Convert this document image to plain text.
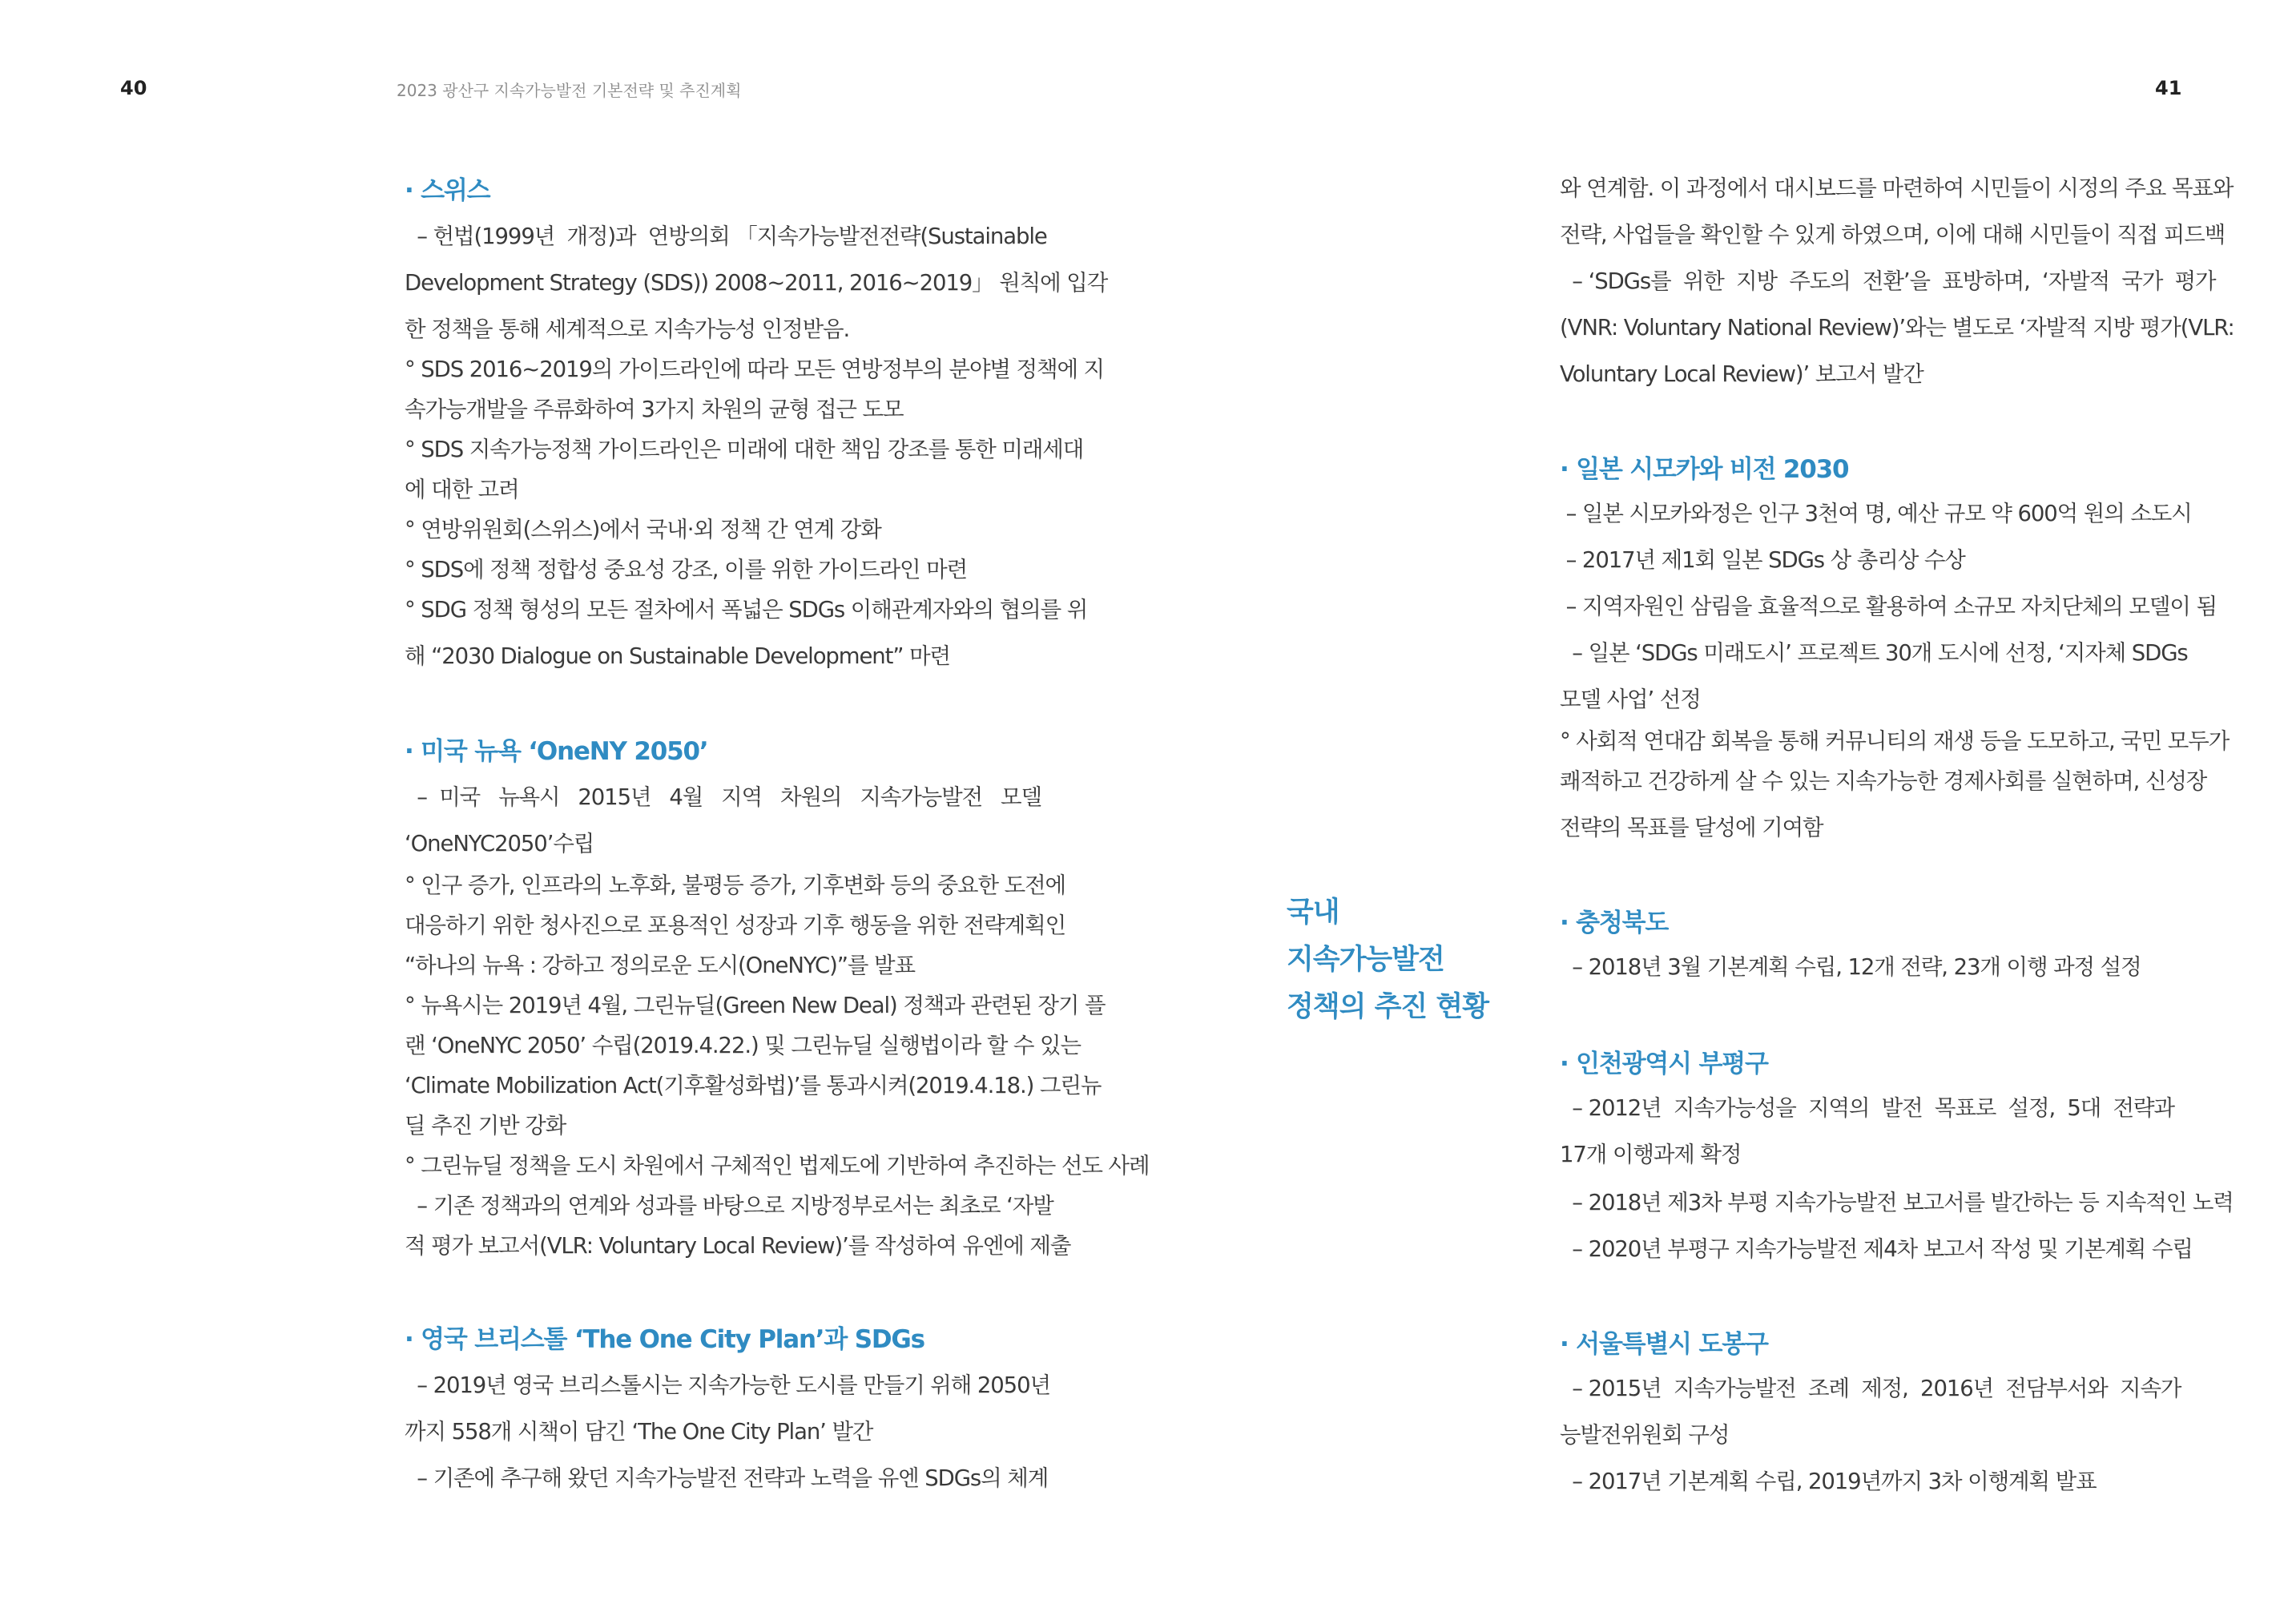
40	2023 광산구 지속가능발전 기본전략 및 추진계획	41
· 스위스
– 헌법(1999년  개정)과  연방의회 「지속가능발전전략(Sustainable
Development Strategy (SDS)) 2008~2011, 2016~2019」 원칙에 입각
한 정책을 통해 세계적으로 지속가능성 인정받음.
° SDS 2016~2019의 가이드라인에 따라 모든 연방정부의 분야별 정책에 지
속가능개발을 주류화하여 3가지 차원의 균형 접근 도모
° SDS 지속가능정책 가이드라인은 미래에 대한 책임 강조를 통한 미래세대
에 대한 고려
° 연방위원회(스위스)에서 국내·외 정책 간 연계 강화
° SDS에 정책 정합성 중요성 강조, 이를 위한 가이드라인 마련
° SDG 정책 형성의 모든 절차에서 폭넓은 SDGs 이해관계자와의 협의를 위
해 “2030 Dialogue on Sustainable Development” 마련
· 미국 뉴욕 ‘OneNY 2050’
–  미국   뉴욕시   2015년   4월   지역   차원의   지속가능발전   모델
‘OneNYC2050’수립
° 인구 증가, 인프라의 노후화, 불평등 증가, 기후변화 등의 중요한 도전에
대응하기 위한 청사진으로 포용적인 성장과 기후 행동을 위한 전략계획인
“하나의 뉴욕 : 강하고 정의로운 도시(OneNYC)”를 발표
° 뉴욕시는 2019년 4월, 그린뉴딜(Green New Deal) 정책과 관련된 장기 플
랜 ‘OneNYC 2050’ 수립(2019.4.22.) 및 그린뉴딜 실행법이라 할 수 있는
‘Climate Mobilization Act(기후활성화법)’를 통과시켜(2019.4.18.) 그린뉴
딜 추진 기반 강화
° 그린뉴딜 정책을 도시 차원에서 구체적인 법제도에 기반하여 추진하는 선도 사례
– 기존 정책과의 연계와 성과를 바탕으로 지방정부로서는 최초로 ‘자발
적 평가 보고서(VLR: Voluntary Local Review)’를 작성하여 유엔에 제출
· 영국 브리스톨 ‘The One City Plan’과 SDGs
– 2019년 영국 브리스톨시는 지속가능한 도시를 만들기 위해 2050년
까지 558개 시책이 담긴 ‘The One City Plan’ 발간
– 기존에 추구해 왔던 지속가능발전 전략과 노력을 유엔 SDGs의 체계
와 연계함. 이 과정에서 대시보드를 마련하여 시민들이 시정의 주요 목표와
전략, 사업들을 확인할 수 있게 하였으며, 이에 대해 시민들이 직접 피드백
– ‘SDGs를  위한  지방  주도의  전환’을  표방하며,  ‘자발적  국가  평가
(VNR: Voluntary National Review)’와는 별도로 ‘자발적 지방 평가(VLR:
Voluntary Local Review)’ 보고서 발간
· 일본 시모카와 비전 2030
– 일본 시모카와정은 인구 3천여 명, 예산 규모 약 600억 원의 소도시
– 2017년 제1회 일본 SDGs 상 총리상 수상
– 지역자원인 삼림을 효율적으로 활용하여 소규모 자치단체의 모델이 됨
– 일본 ‘SDGs 미래도시’ 프로젝트 30개 도시에 선정, ‘지자체 SDGs
모델 사업’ 선정
° 사회적 연대감 회복을 통해 커뮤니티의 재생 등을 도모하고, 국민 모두가
쾌적하고 건강하게 살 수 있는 지속가능한 경제사회를 실현하며, 신성장
전략의 목표를 달성에 기여함
· 충청북도
– 2018년 3월 기본계획 수립, 12개 전략, 23개 이행 과정 설정
· 인천광역시 부평구
– 2012년  지속가능성을  지역의  발전  목표로  설정,  5대  전략과
17개 이행과제 확정
– 2018년 제3차 부평 지속가능발전 보고서를 발간하는 등 지속적인 노력
– 2020년 부평구 지속가능발전 제4차 보고서 작성 및 기본계획 수립
· 서울특별시 도봉구
– 2015년  지속가능발전  조례  제정,  2016년  전담부서와  지속가
능발전위원회 구성
– 2017년 기본계획 수립, 2019년까지 3차 이행계획 발표
국내
지속가능발전
정책의 추진 현황
